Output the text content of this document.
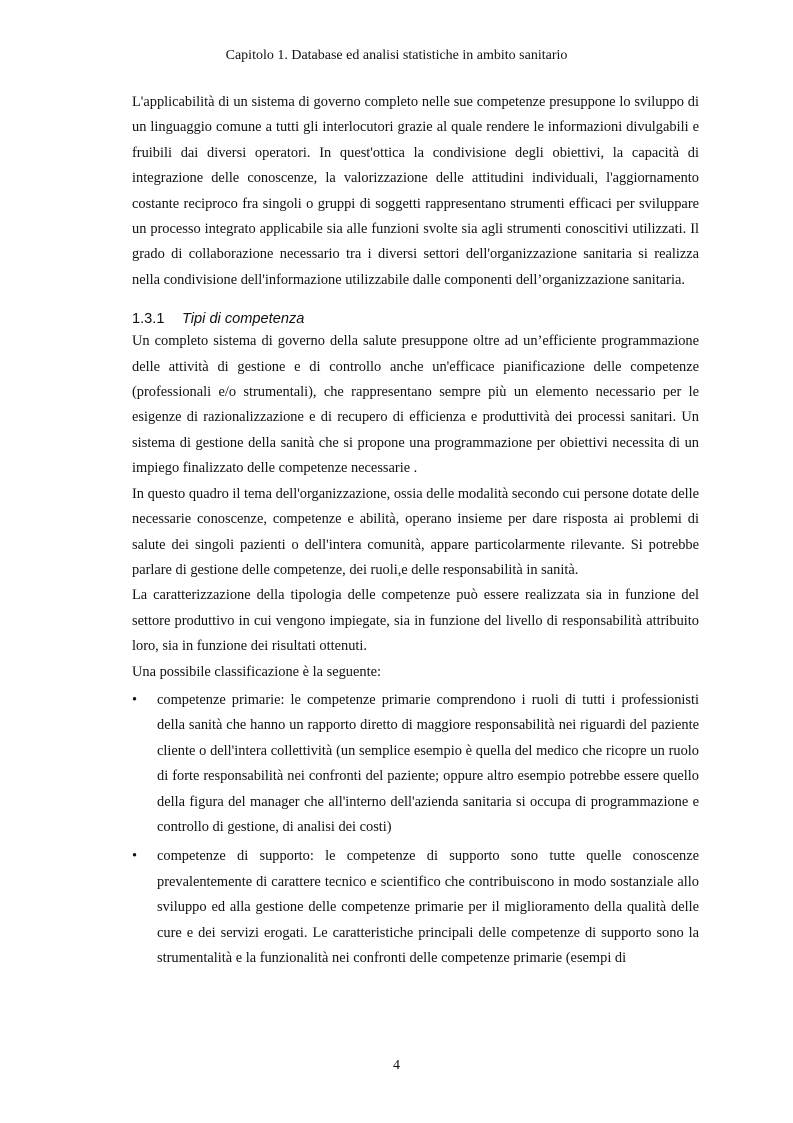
Capitolo 1. Database ed analisi statistiche in ambito sanitario

L'applicabilità di un sistema di governo completo nelle sue competenze presuppone lo sviluppo di un linguaggio comune a tutti gli interlocutori grazie al quale rendere le informazioni divulgabili e fruibili dai diversi operatori. In quest'ottica la condivisione degli obiettivi, la capacità di integrazione delle conoscenze, la valorizzazione delle attitudini individuali, l'aggiornamento costante reciproco fra singoli o gruppi di soggetti rappresentano strumenti efficaci per sviluppare un processo integrato applicabile sia alle funzioni svolte sia agli strumenti conoscitivi utilizzati. Il grado di collaborazione necessario tra i diversi settori dell'organizzazione sanitaria si realizza nella condivisione dell'informazione utilizzabile dalle componenti dell’organizzazione sanitaria.

1.3.1 Tipi di competenza

Un completo sistema di governo della salute presuppone oltre ad un’efficiente programmazione delle attività di gestione e di controllo anche un'efficace pianificazione delle competenze (professionali e/o strumentali), che rappresentano sempre più un elemento necessario per le esigenze di razionalizzazione e di recupero di efficienza e produttività dei processi sanitari. Un sistema di gestione della sanità che si propone una programmazione per obiettivi necessita di un impiego finalizzato delle competenze necessarie .

In questo quadro il tema dell'organizzazione, ossia delle modalità secondo cui persone dotate delle necessarie conoscenze, competenze e abilità, operano insieme per dare risposta ai problemi di salute dei singoli pazienti o dell'intera comunità, appare particolarmente rilevante. Si potrebbe parlare di gestione delle competenze, dei ruoli,e delle responsabilità in sanità.

La caratterizzazione della tipologia delle competenze può essere realizzata sia in funzione del settore produttivo in cui vengono impiegate, sia in funzione del livello di responsabilità attribuito loro, sia in funzione dei risultati ottenuti.

Una possibile classificazione è la seguente:

• competenze primarie: le competenze primarie comprendono i ruoli di tutti i professionisti della sanità che hanno un rapporto diretto di maggiore responsabilità nei riguardi del paziente cliente o dell'intera collettività (un semplice esempio è quella del medico che ricopre un ruolo di forte responsabilità nei confronti del paziente; oppure altro esempio potrebbe essere quello della figura del manager che all'interno dell'azienda sanitaria si occupa di programmazione e controllo di gestione, di analisi dei costi)
• competenze di supporto: le competenze di supporto sono tutte quelle conoscenze prevalentemente di carattere tecnico e scientifico che contribuiscono in modo sostanziale allo sviluppo ed alla gestione delle competenze primarie per il miglioramento della qualità delle cure e dei servizi erogati. Le caratteristiche principali delle competenze di supporto sono la strumentalità e la funzionalità nei confronti delle competenze primarie (esempi di
4
